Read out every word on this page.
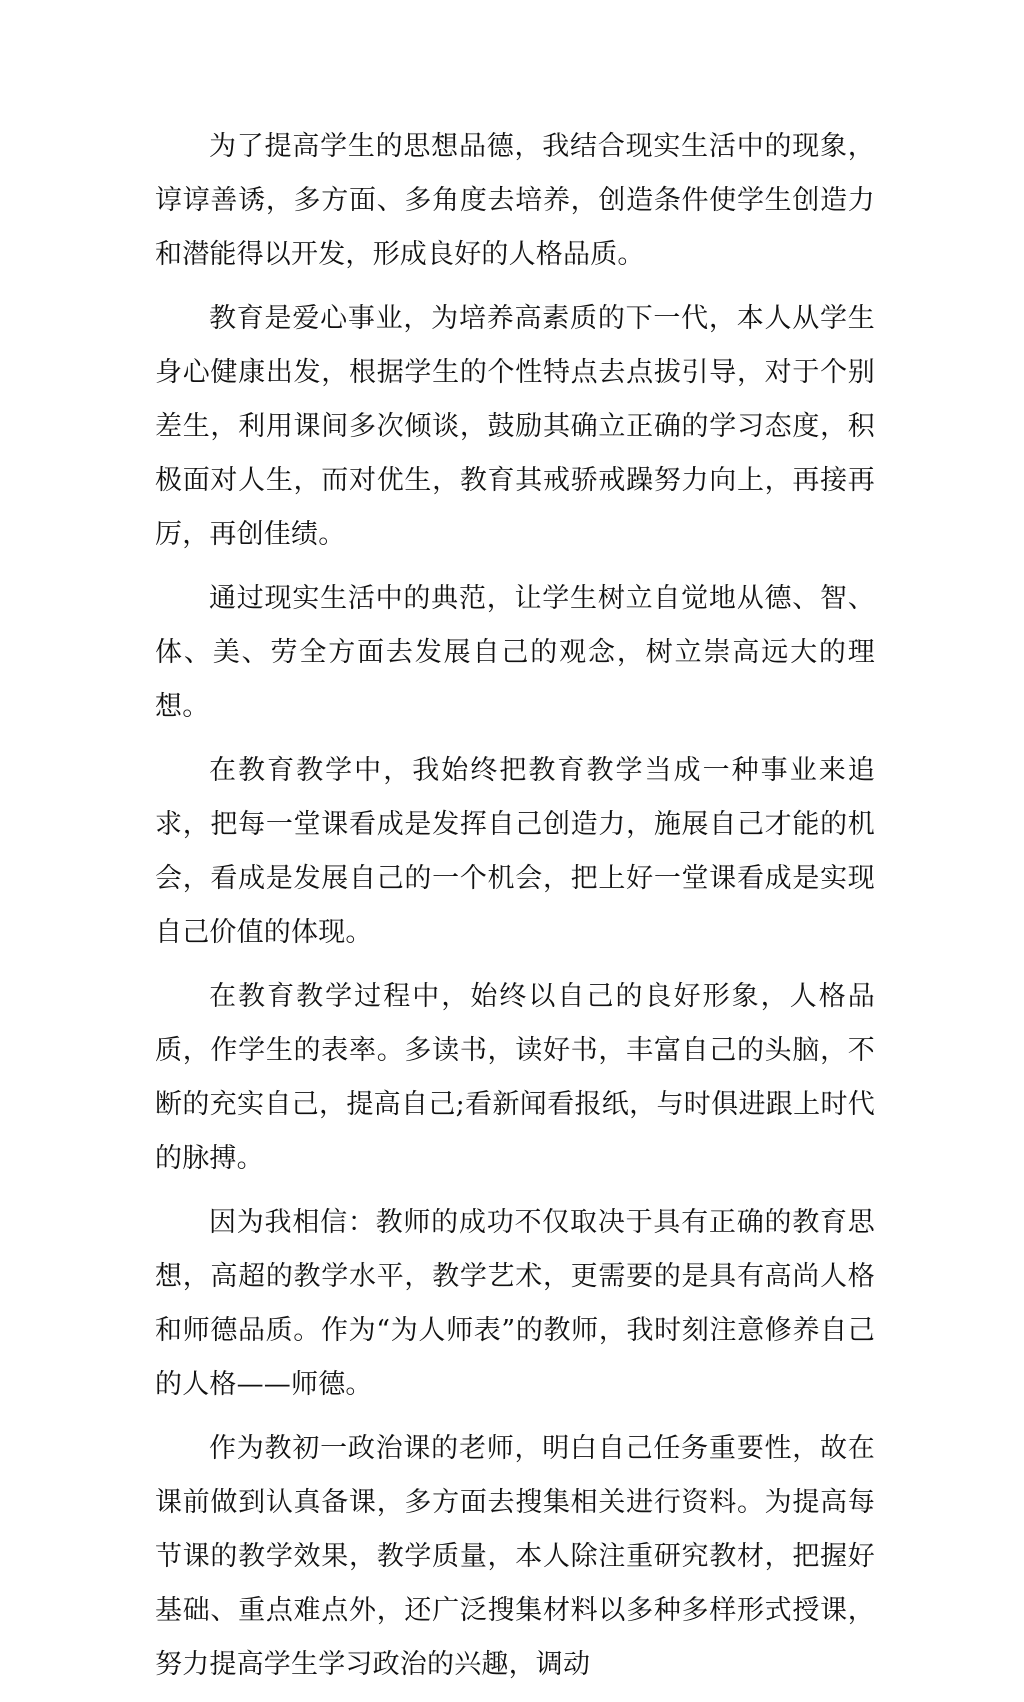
为了提高学生的思想品德，我结合现实生活中的现象，谆谆善诱，多方面、多角度去培养，创造条件使学生创造力和潜能得以开发，形成良好的人格品质。

教育是爱心事业，为培养高素质的下一代，本人从学生身心健康出发，根据学生的个性特点去点拔引导，对于个别差生，利用课间多次倾谈，鼓励其确立正确的学习态度，积极面对人生，而对优生，教育其戒骄戒躁努力向上，再接再厉，再创佳绩。

通过现实生活中的典范，让学生树立自觉地从德、智、体、美、劳全方面去发展自己的观念，树立崇高远大的理想。

在教育教学中，我始终把教育教学当成一种事业来追求，把每一堂课看成是发挥自己创造力，施展自己才能的机会，看成是发展自己的一个机会，把上好一堂课看成是实现自己价值的体现。

在教育教学过程中，始终以自己的良好形象，人格品质，作学生的表率。多读书，读好书，丰富自己的头脑，不断的充实自己，提高自己;看新闻看报纸，与时俱进跟上时代的脉搏。

因为我相信：教师的成功不仅取决于具有正确的教育思想，高超的教学水平，教学艺术，更需要的是具有高尚人格和师德品质。作为“为人师表”的教师，我时刻注意修养自己的人格——师德。

作为教初一政治课的老师，明白自己任务重要性，故在课前做到认真备课，多方面去搜集相关进行资料。为提高每节课的教学效果，教学质量，本人除注重研究教材，把握好基础、重点难点外，还广泛搜集材料以多种多样形式授课，努力提高学生学习政治的兴趣，调动
